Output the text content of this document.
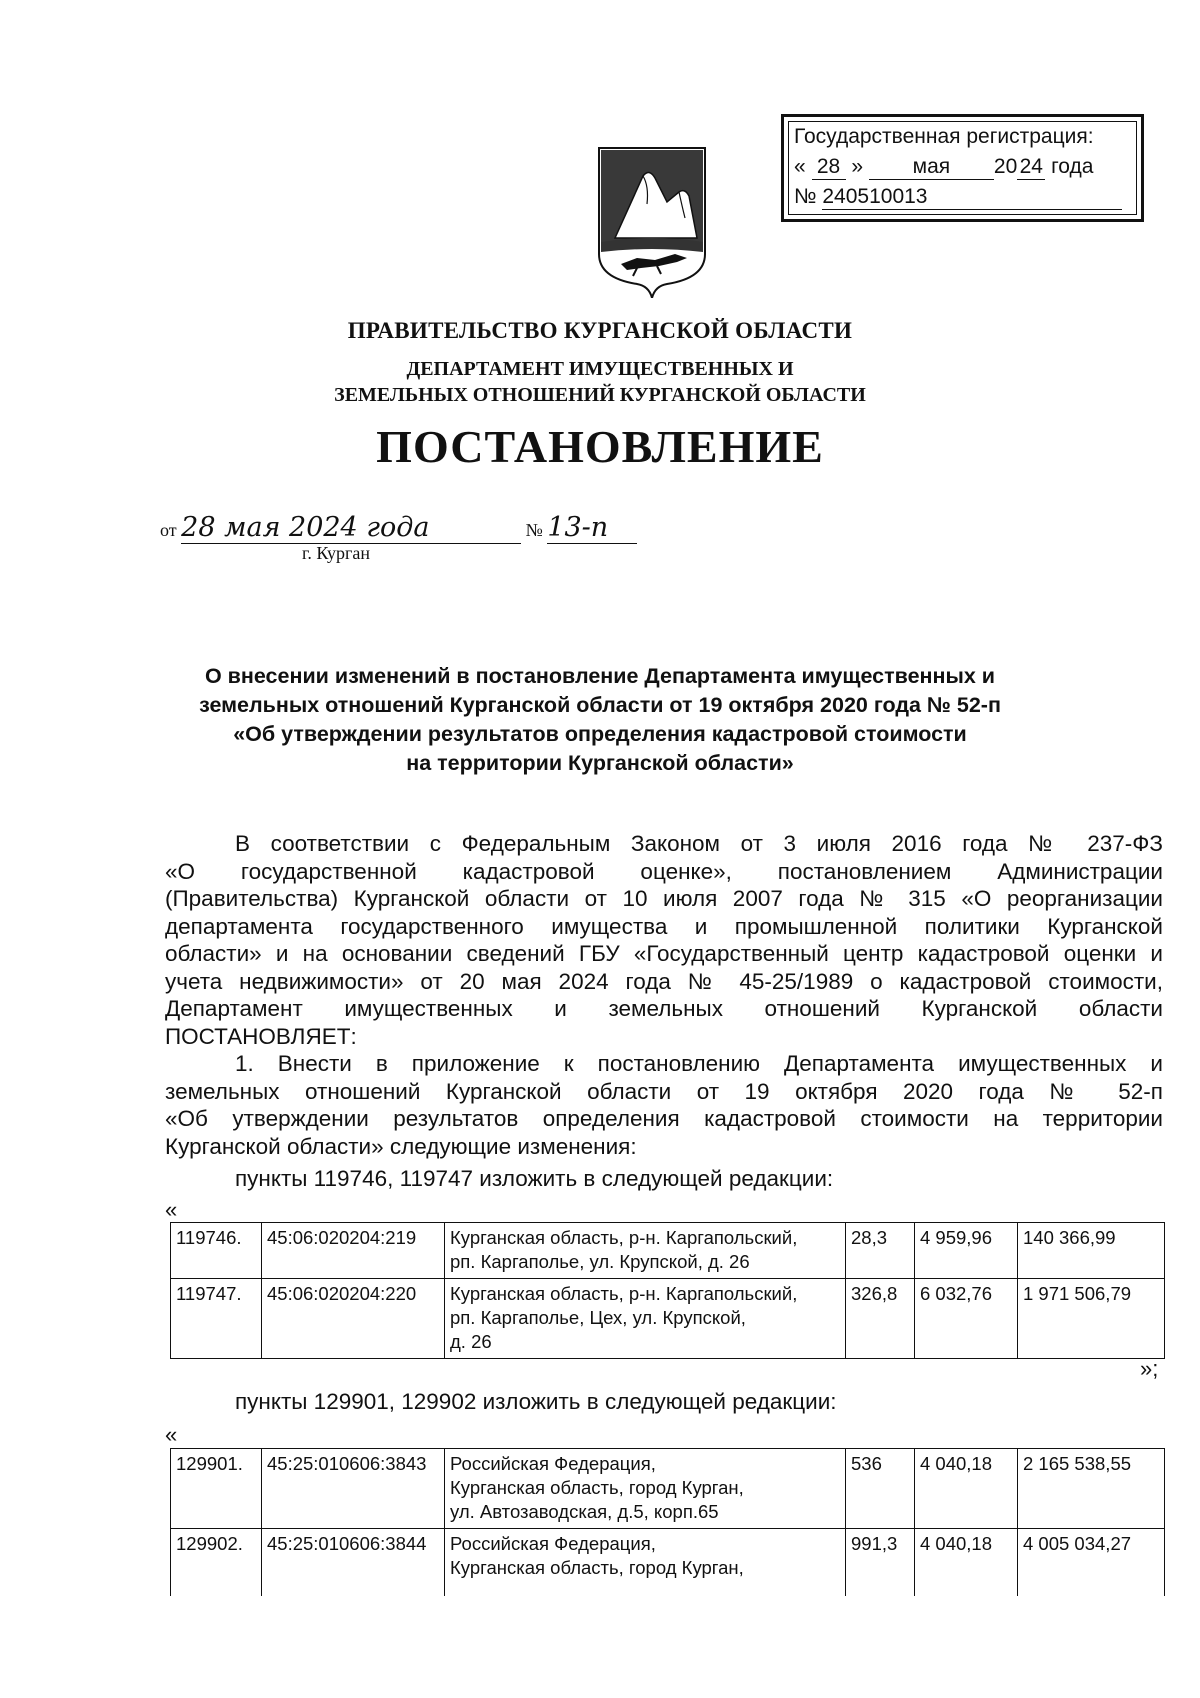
Государственная регистрация:
« 28 » мая 20 24 года
№ 240510013
ПРАВИТЕЛЬСТВО КУРГАНСКОЙ ОБЛАСТИ
ДЕПАРТАМЕНТ ИМУЩЕСТВЕННЫХ И
ЗЕМЕЛЬНЫХ ОТНОШЕНИЙ КУРГАНСКОЙ ОБЛАСТИ
ПОСТАНОВЛЕНИЕ
от 28 мая 2024 года	№ 13-п
г. Курган
О внесении изменений в постановление Департамента имущественных и
земельных отношений Курганской области от 19 октября 2020 года № 52-п
«Об утверждении результатов определения кадастровой стоимости
на территории Курганской области»
В соответствии с Федеральным Законом от 3 июля 2016 года № 237-ФЗ
«О государственной кадастровой оценке», постановлением Администрации
(Правительства) Курганской области от 10 июля 2007 года № 315 «О реорганизации
департамента государственного имущества и промышленной политики Курганской
области» и на основании сведений ГБУ «Государственный центр кадастровой оценки и
учета недвижимости» от 20 мая 2024 года № 45-25/1989 о кадастровой стоимости,
Департамент имущественных и земельных отношений Курганской области
ПОСТАНОВЛЯЕТ:
1. Внести в приложение к постановлению Департамента имущественных и
земельных отношений Курганской области от 19 октября 2020 года № 52-п
«Об утверждении результатов определения кадастровой стоимости на территории
Курганской области» следующие изменения:
пункты 119746, 119747 изложить в следующей редакции:
«
119746.	45:06:020204:219	Курганская область, р-н. Каргапольский,
рп. Каргаполье, ул. Крупской, д. 26	28,3	4 959,96	140 366,99
119747.	45:06:020204:220	Курганская область, р-н. Каргапольский,
рп. Каргаполье, Цех, ул. Крупской,
д. 26	326,8	6 032,76	1 971 506,79
»;
пункты 129901, 129902 изложить в следующей редакции:
«
129901.	45:25:010606:3843	Российская Федерация,
Курганская область, город Курган,
ул. Автозаводская, д.5, корп.65	536	4 040,18	2 165 538,55
129902.	45:25:010606:3844	Российская Федерация,
Курганская область, город Курган,	991,3	4 040,18	4 005 034,27
